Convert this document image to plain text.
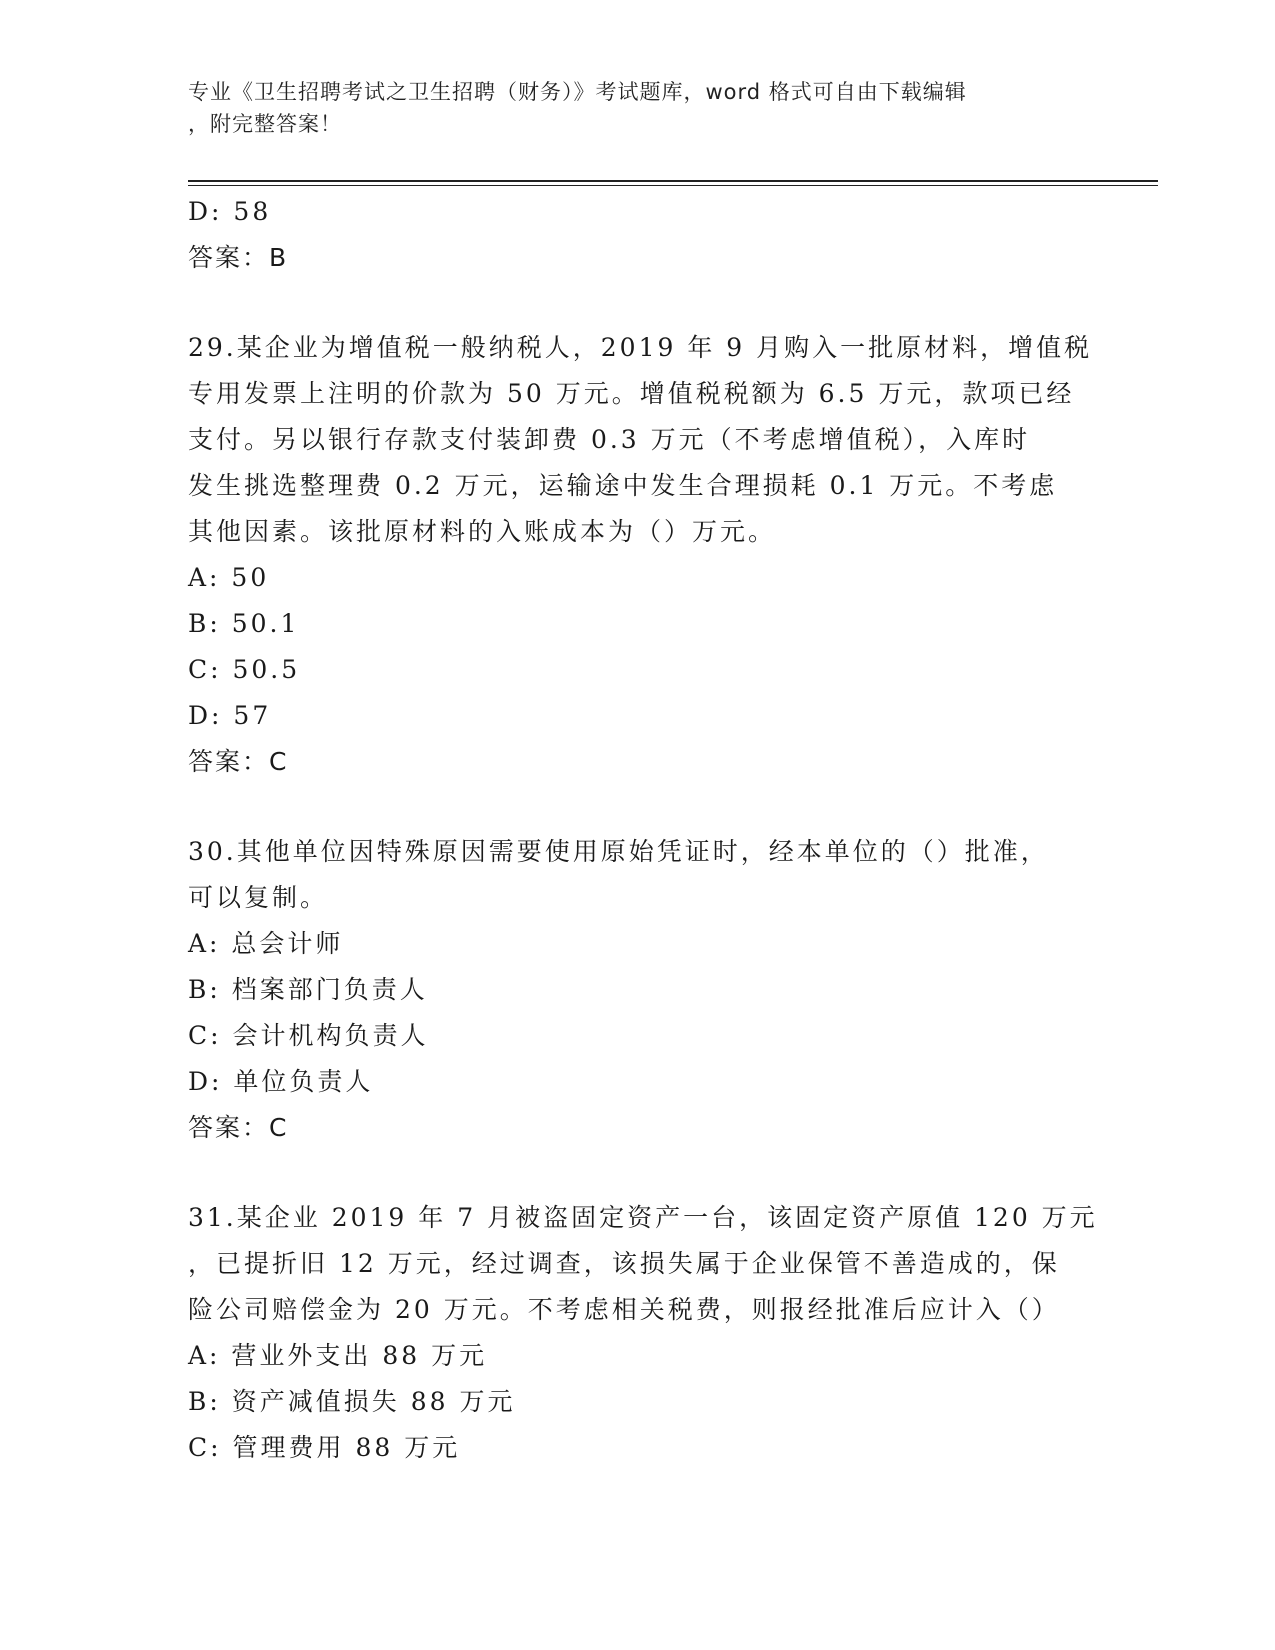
专业《卫生招聘考试之卫生招聘（财务）》考试题库，word 格式可自由下载编辑
，附完整答案！
D: 58
答案：B
29.某企业为增值税一般纳税人，2019 年 9 月购入一批原材料，增值税
专用发票上注明的价款为 50 万元。增值税税额为 6.5 万元，款项已经
支付。另以银行存款支付装卸费 0.3 万元（不考虑增值税），入库时
发生挑选整理费 0.2 万元，运输途中发生合理损耗 0.1 万元。不考虑
其他因素。该批原材料的入账成本为（）万元。
A: 50
B: 50.1
C: 50.5
D: 57
答案：C
30.其他单位因特殊原因需要使用原始凭证时，经本单位的（）批准，
可以复制。
A: 总会计师
B: 档案部门负责人
C: 会计机构负责人
D: 单位负责人
答案：C
31.某企业 2019 年 7 月被盗固定资产一台，该固定资产原值 120 万元
，已提折旧 12 万元，经过调查，该损失属于企业保管不善造成的，保
险公司赔偿金为 20 万元。不考虑相关税费，则报经批准后应计入（）
A: 营业外支出 88 万元
B: 资产减值损失 88 万元
C: 管理费用 88 万元
